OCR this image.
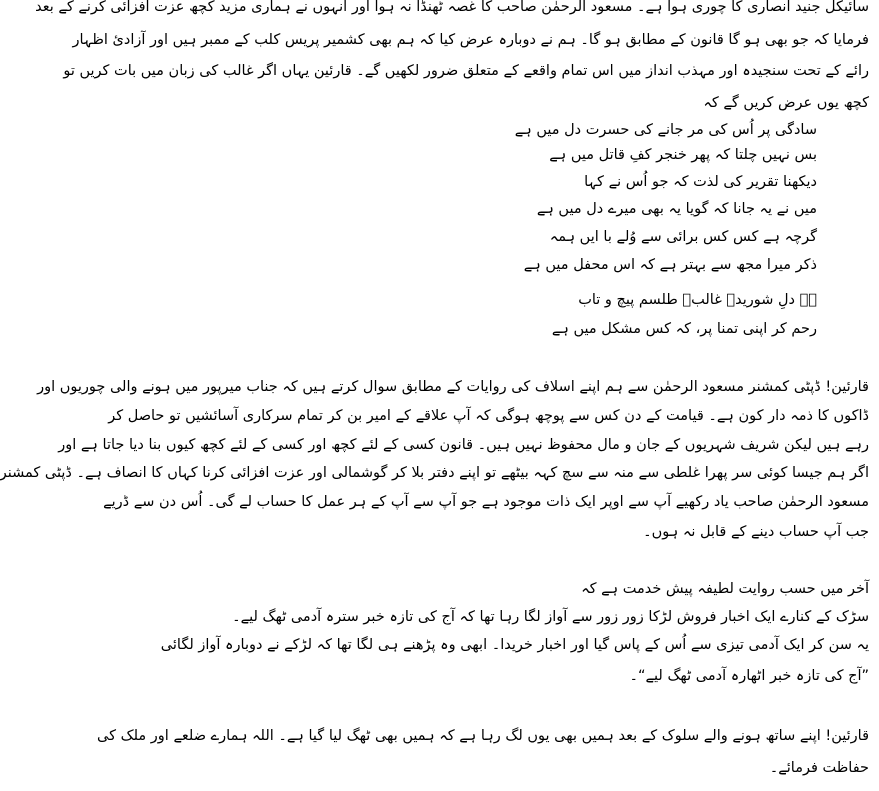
سائیکل جنید انصاری کا چوری ہوا ہے۔ مسعود الرحمٰن صاحب کا غصہ ٹھنڈا نہ ہوا اور انہوں نے ہماری مزید کچھ عزت افزائی کرنے کے بعد
فرمایا کہ جو بھی ہو گا قانون کے مطابق ہو گا۔ ہم نے دوبارہ عرض کیا کہ ہم بھی کشمیر پریس کلب کے ممبر ہیں اور آزادیٔ اظہار
رائے کے تحت سنجیدہ اور مہذب انداز میں اس تمام واقعے کے متعلق ضرور لکھیں گے۔ قارئین یہاں اگر غالب کی زبان میں بات کریں تو
کچھ یوں عرض کریں گے کہ
سادگی پر اُس کی مر جانے کی حسرت دل میں ہے
بس نہیں چلتا کہ پھر خنجر کفِ قاتل میں ہے
دیکھنا تقریر کی لذت کہ جو اُس نے کہا
میں نے یہ جانا کہ گویا یہ بھی میرے دل میں ہے
گرچہ ہے کس کس برائی سے وُلے با ایں ہمہ
ذکر میرا مجھ سے بہتر ہے کہ اس محفل میں ہے
ہے دلِ شوریدۂ غالبؔ طلسم پیچ و تاب
رحم کر اپنی تمنا پر، کہ کس مشکل میں ہے
قارئین! ڈپٹی کمشنر مسعود الرحمٰن سے ہم اپنے اسلاف کی روایات کے مطابق سوال کرتے ہیں کہ جناب میرپور میں ہونے والی چوریوں اور
ڈاکوں کا ذمہ دار کون ہے۔ قیامت کے دن کس سے پوچھ ہوگی کہ آپ علاقے کے امیر بن کر تمام سرکاری آسائشیں تو حاصل کر
رہے ہیں لیکن شریف شہریوں کے جان و مال محفوظ نہیں ہیں۔ قانون کسی کے لئے کچھ اور کسی کے لئے کچھ کیوں بنا دیا جاتا ہے اور
اگر ہم جیسا کوئی سر پھرا غلطی سے منہ سے سچ کہہ بیٹھے تو اپنے دفتر بلا کر گوشمالی اور عزت افزائی کرنا کہاں کا انصاف ہے۔ ڈپٹی کمشنر
مسعود الرحمٰن صاحب یاد رکھیے آپ سے اوپر ایک ذات موجود ہے جو آپ سے آپ کے ہر عمل کا حساب لے گی۔ اُس دن سے ڈریے
جب آپ حساب دینے کے قابل نہ ہوں۔
آخر میں حسب روایت لطیفہ پیش خدمت ہے کہ
سڑک کے کنارے ایک اخبار فروش لڑکا زور زور سے آواز لگا رہا تھا کہ آج کی تازہ خبر سترہ آدمی ٹھگ لیے۔
یہ سن کر ایک آدمی تیزی سے اُس کے پاس گیا اور اخبار خریدا۔ ابھی وہ پڑھنے ہی لگا تھا کہ لڑکے نے دوبارہ آواز لگائی
”آج کی تازہ خبر اٹھارہ آدمی ٹھگ لیے“۔
قارئین! اپنے ساتھ ہونے والے سلوک کے بعد ہمیں بھی یوں لگ رہا ہے کہ ہمیں بھی ٹھگ لیا گیا ہے۔ اللہ ہمارے ضلعے اور ملک کی
حفاظت فرمائے۔
